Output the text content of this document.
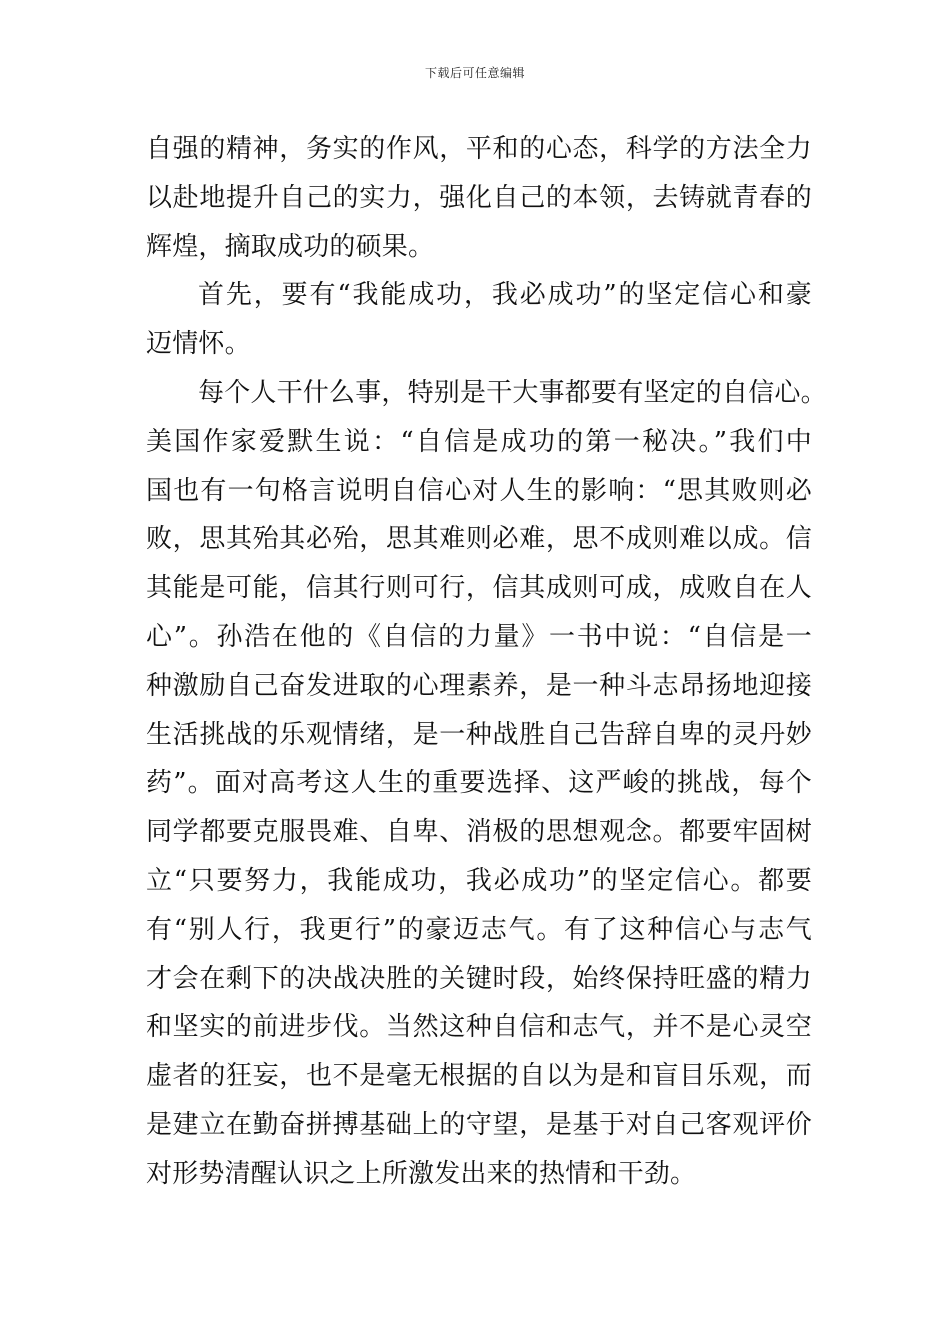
下载后可任意编辑
自强的精神，务实的作风，平和的心态，科学的方法全力
以赴地提升自己的实力，强化自己的本领，去铸就青春的
辉煌，摘取成功的硕果。
首先，要有“我能成功，我必成功”的坚定信心和豪
迈情怀。
每个人干什么事，特别是干大事都要有坚定的自信心。
美国作家爱默生说：“自信是成功的第一秘决。”我们中
国也有一句格言说明自信心对人生的影响：“思其败则必
败，思其殆其必殆，思其难则必难，思不成则难以成。信
其能是可能，信其行则可行，信其成则可成，成败自在人
心”。孙浩在他的《自信的力量》一书中说：“自信是一
种激励自己奋发进取的心理素养，是一种斗志昂扬地迎接
生活挑战的乐观情绪，是一种战胜自己告辞自卑的灵丹妙
药”。面对高考这人生的重要选择、这严峻的挑战，每个
同学都要克服畏难、自卑、消极的思想观念。都要牢固树
立“只要努力，我能成功，我必成功”的坚定信心。都要
有“别人行，我更行”的豪迈志气。有了这种信心与志气
才会在剩下的决战决胜的关键时段，始终保持旺盛的精力
和坚实的前进步伐。当然这种自信和志气，并不是心灵空
虚者的狂妄，也不是毫无根据的自以为是和盲目乐观，而
是建立在勤奋拼搏基础上的守望，是基于对自己客观评价
对形势清醒认识之上所激发出来的热情和干劲。
